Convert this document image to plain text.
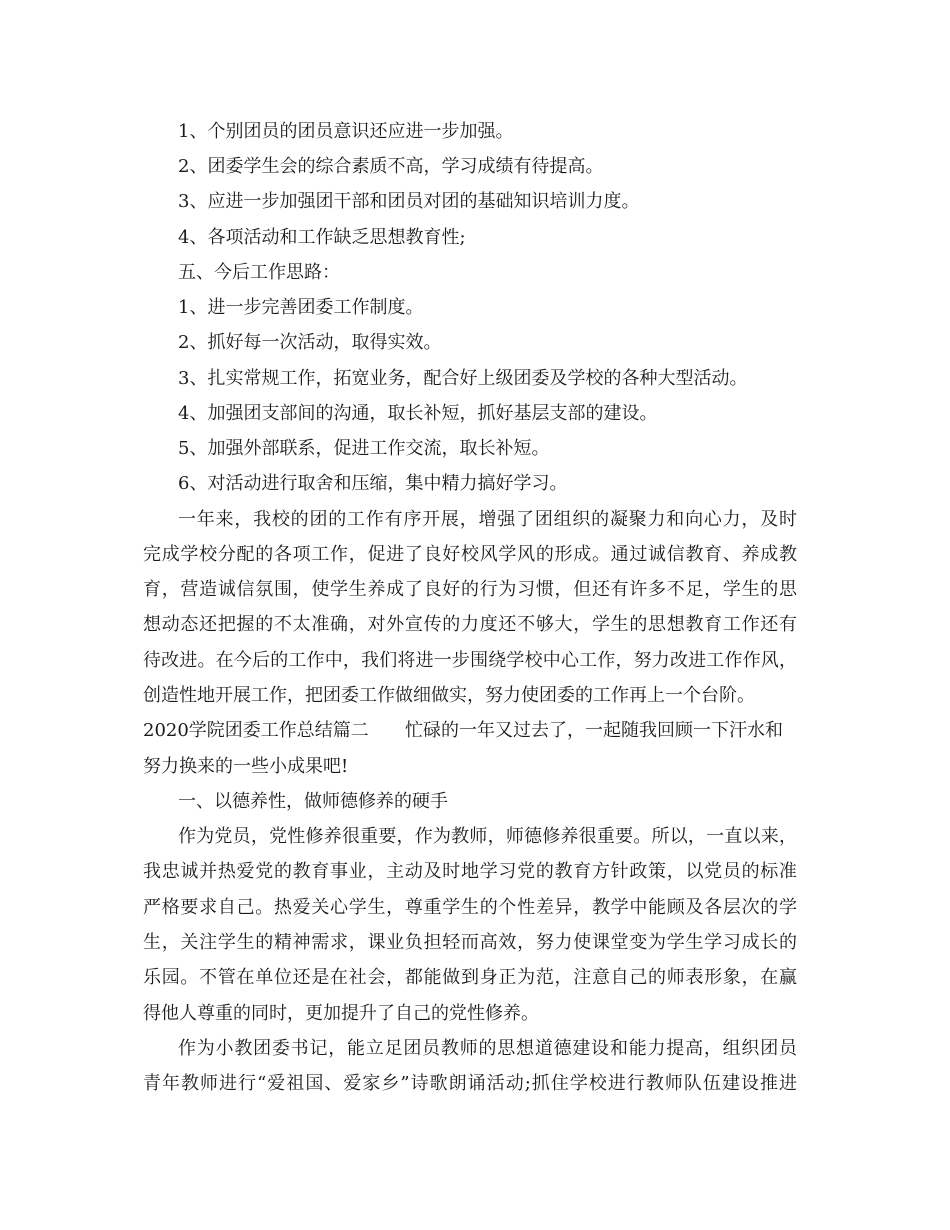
1、个别团员的团员意识还应进一步加强。
2、团委学生会的综合素质不高，学习成绩有待提高。
3、应进一步加强团干部和团员对团的基础知识培训力度。
4、各项活动和工作缺乏思想教育性;
五、今后工作思路：
1、进一步完善团委工作制度。
2、抓好每一次活动，取得实效。
3、扎实常规工作，拓宽业务，配合好上级团委及学校的各种大型活动。
4、加强团支部间的沟通，取长补短，抓好基层支部的建设。
5、加强外部联系，促进工作交流，取长补短。
6、对活动进行取舍和压缩，集中精力搞好学习。
一年来，我校的团的工作有序开展，增强了团组织的凝聚力和向心力，及时
完成学校分配的各项工作，促进了良好校风学风的形成。通过诚信教育、养成教
育，营造诚信氛围，使学生养成了良好的行为习惯，但还有许多不足，学生的思
想动态还把握的不太准确，对外宣传的力度还不够大，学生的思想教育工作还有
待改进。在今后的工作中，我们将进一步围绕学校中心工作，努力改进工作作风，
创造性地开展工作，把团委工作做细做实，努力使团委的工作再上一个台阶。
2020学院团委工作总结篇二 忙碌的一年又过去了，一起随我回顾一下汗水和
努力换来的一些小成果吧!
一、以德养性，做师德修养的硬手
作为党员，党性修养很重要，作为教师，师德修养很重要。所以，一直以来，
我忠诚并热爱党的教育事业，主动及时地学习党的教育方针政策，以党员的标准
严格要求自己。热爱关心学生，尊重学生的个性差异，教学中能顾及各层次的学
生，关注学生的精神需求，课业负担轻而高效，努力使课堂变为学生学习成长的
乐园。不管在单位还是在社会，都能做到身正为范，注意自己的师表形象，在赢
得他人尊重的同时，更加提升了自己的党性修养。
作为小教团委书记，能立足团员教师的思想道德建设和能力提高，组织团员
青年教师进行“爱祖国、爱家乡”诗歌朗诵活动;抓住学校进行教师队伍建设推进
